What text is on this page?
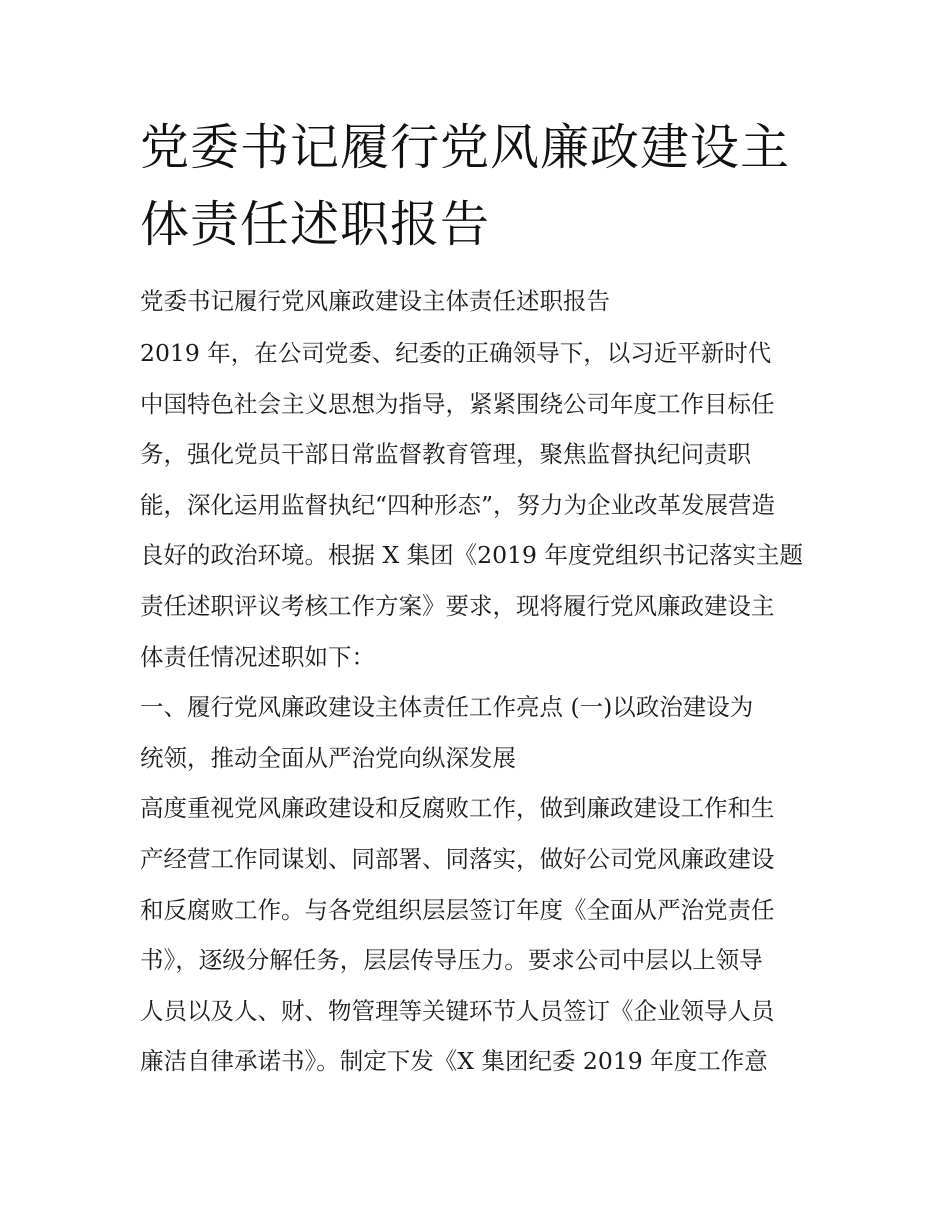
党委书记履行党风廉政建设主
体责任述职报告
党委书记履行党风廉政建设主体责任述职报告
2019 年，在公司党委、纪委的正确领导下，以习近平新时代
中国特色社会主义思想为指导，紧紧围绕公司年度工作目标任
务，强化党员干部日常监督教育管理，聚焦监督执纪问责职
能，深化运用监督执纪“四种形态”，努力为企业改革发展营造
良好的政治环境。根据 X 集团《2019 年度党组织书记落实主题
责任述职评议考核工作方案》要求，现将履行党风廉政建设主
体责任情况述职如下：
一、履行党风廉政建设主体责任工作亮点 (一)以政治建设为
统领，推动全面从严治党向纵深发展
高度重视党风廉政建设和反腐败工作，做到廉政建设工作和生
产经营工作同谋划、同部署、同落实，做好公司党风廉政建设
和反腐败工作。与各党组织层层签订年度《全面从严治党责任
书》，逐级分解任务，层层传导压力。要求公司中层以上领导
人员以及人、财、物管理等关键环节人员签订《企业领导人员
廉洁自律承诺书》。制定下发《X 集团纪委 2019 年度工作意
